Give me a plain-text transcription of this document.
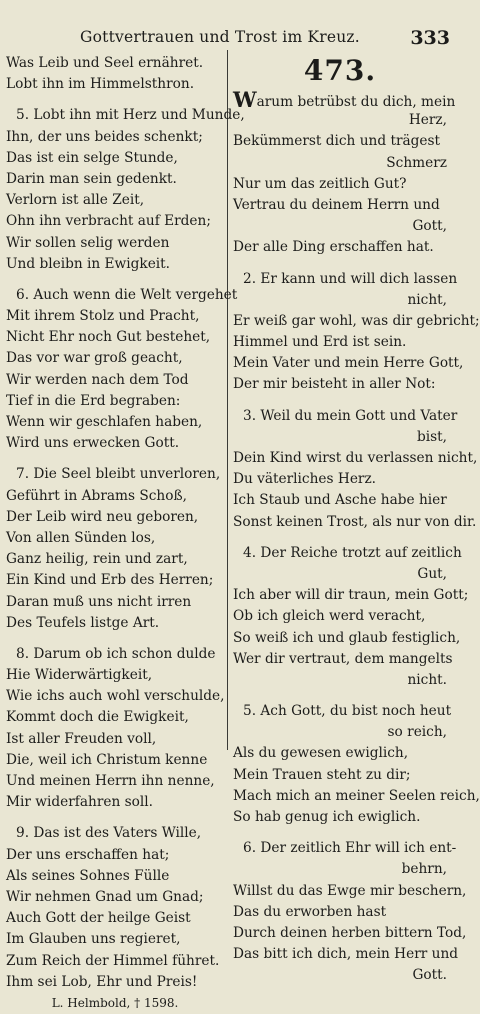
Gottvertrauen und Trost im Kreuz.	333
Was Leib und Seel ernähret.
Lobt ihn im Himmelsthron.
5. Lobt ihn mit Herz und Munde,
Ihn, der uns beides schenkt;
Das ist ein selge Stunde,
Darin man sein gedenkt.
Verlorn ist alle Zeit,
Ohn ihn verbracht auf Erden;
Wir sollen selig werden
Und bleibn in Ewigkeit.
6. Auch wenn die Welt vergehet
Mit ihrem Stolz und Pracht,
Nicht Ehr noch Gut bestehet,
Das vor war groß geacht,
Wir werden nach dem Tod
Tief in die Erd begraben:
Wenn wir geschlafen haben,
Wird uns erwecken Gott.
7. Die Seel bleibt unverloren,
Geführt in Abrams Schoß,
Der Leib wird neu geboren,
Von allen Sünden los,
Ganz heilig, rein und zart,
Ein Kind und Erb des Herren;
Daran muß uns nicht irren
Des Teufels listge Art.
8. Darum ob ich schon dulde
Hie Widerwärtigkeit,
Wie ichs auch wohl verschulde,
Kommt doch die Ewigkeit,
Ist aller Freuden voll,
Die, weil ich Christum kenne
Und meinen Herrn ihn nenne,
Mir widerfahren soll.
9. Das ist des Vaters Wille,
Der uns erschaffen hat;
Als seines Sohnes Fülle
Wir nehmen Gnad um Gnad;
Auch Gott der heilge Geist
Im Glauben uns regieret,
Zum Reich der Himmel führet.
Ihm sei Lob, Ehr und Preis!
L. Helmbold, † 1598.
473.
Warum betrübst du dich, mein
Herz,
Bekümmerst dich und trägest
Schmerz
Nur um das zeitlich Gut?
Vertrau du deinem Herrn und
Gott,
Der alle Ding erschaffen hat.
2. Er kann und will dich lassen
nicht,
Er weiß gar wohl, was dir gebricht;
Himmel und Erd ist sein.
Mein Vater und mein Herre Gott,
Der mir beisteht in aller Not:
3. Weil du mein Gott und Vater
bist,
Dein Kind wirst du verlassen nicht,
Du väterliches Herz.
Ich Staub und Asche habe hier
Sonst keinen Trost, als nur von dir.
4. Der Reiche trotzt auf zeitlich
Gut,
Ich aber will dir traun, mein Gott;
Ob ich gleich werd veracht,
So weiß ich und glaub festiglich,
Wer dir vertraut, dem mangelts
nicht.
5. Ach Gott, du bist noch heut
so reich,
Als du gewesen ewiglich,
Mein Trauen steht zu dir;
Mach mich an meiner Seelen reich,
So hab genug ich ewiglich.
6. Der zeitlich Ehr will ich ent-
behrn,
Willst du das Ewge mir beschern,
Das du erworben hast
Durch deinen herben bittern Tod,
Das bitt ich dich, mein Herr und
Gott.
